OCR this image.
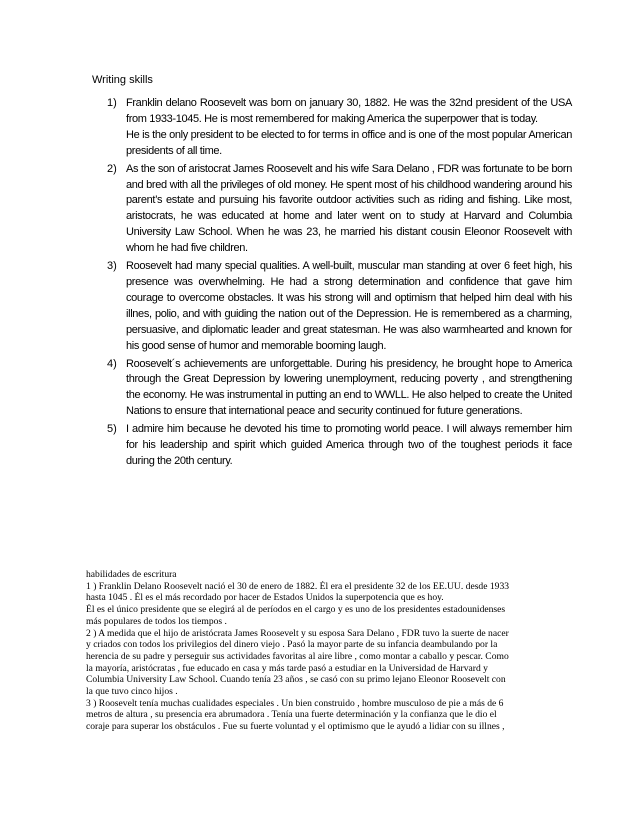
Writing skills
1) Franklin delano Roosevelt was born on january 30, 1882. He was the 32nd president of the USA from 1933-1045. He is most remembered for making America the superpower that is today.
He is the only president to be elected to for terms in office and is one of the most popular American presidents of all time.
2) As the son of aristocrat James Roosevelt and his wife Sara Delano , FDR was fortunate to be born and bred with all the privileges of old money. He spent most of his childhood wandering around his parent’s estate and pursuing his favorite outdoor activities such as riding and fishing. Like most, aristocrats, he was educated at home and later went on to study at Harvard and Columbia University Law School. When he was 23, he married his distant cousin Eleonor Roosevelt with whom he had five children.
3) Roosevelt had many special qualities. A well-built, muscular man standing at over 6 feet high, his presence was overwhelming. He had a strong determination and confidence that gave him courage to overcome obstacles. It was his strong will and optimism that helped him deal with his illnes, polio, and with guiding the nation out of the Depression. He is remembered as a charming, persuasive, and diplomatic leader and great statesman. He was also warmhearted and known for his good sense of humor and memorable booming laugh.
4) Roosevelt´s achievements are unforgettable. During his presidency, he brought hope to America through the Great Depression by lowering unemployment, reducing poverty , and strengthening the economy. He was instrumental in putting an end to WWLL. He also helped to create the United Nations to ensure that international peace and security continued for future generations.
5) I admire him because he devoted his time to promoting world peace. I will always remember him for his leadership and spirit which guided America through two of the toughest periods it face during the 20th century.
habilidades de escritura
1 ) Franklin Delano Roosevelt nació el 30 de enero de 1882. Él era el presidente 32 de los EE.UU. desde 1933
hasta 1045 . Él es el más recordado por hacer de Estados Unidos la superpotencia que es hoy.
Él es el único presidente que se elegirá al de períodos en el cargo y es uno de los presidentes estadounidenses
más populares de todos los tiempos .
2 ) A medida que el hijo de aristócrata James Roosevelt y su esposa Sara Delano , FDR tuvo la suerte de nacer
y criados con todos los privilegios del dinero viejo . Pasó la mayor parte de su infancia deambulando por la
herencia de su padre y perseguir sus actividades favoritas al aire libre , como montar a caballo y pescar. Como
la mayoría, aristócratas , fue educado en casa y más tarde pasó a estudiar en la Universidad de Harvard y
Columbia University Law School. Cuando tenía 23 años , se casó con su primo lejano Eleonor Roosevelt con
la que tuvo cinco hijos .
3 ) Roosevelt tenía muchas cualidades especiales . Un bien construido , hombre musculoso de pie a más de 6
metros de altura , su presencia era abrumadora . Tenía una fuerte determinación y la confianza que le dio el
coraje para superar los obstáculos . Fue su fuerte voluntad y el optimismo que le ayudó a lidiar con su illnes ,
